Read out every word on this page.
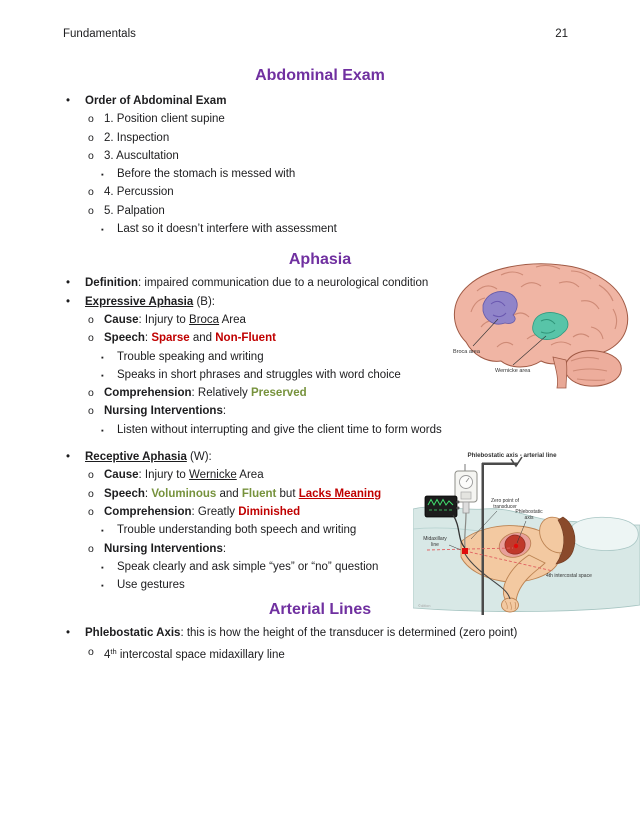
Fundamentals	21
Abdominal Exam
• Order of Abdominal Exam
o 1. Position client supine
o 2. Inspection
o 3. Auscultation
▪ Before the stomach is messed with
o 4. Percussion
o 5. Palpation
▪ Last so it doesn’t interfere with assessment
Aphasia
• Definition: impaired communication due to a neurological condition
• Expressive Aphasia (B):
o Cause: Injury to Broca Area
o Speech: Sparse and Non-Fluent
▪ Trouble speaking and writing
▪ Speaks in short phrases and struggles with word choice
o Comprehension: Relatively Preserved
o Nursing Interventions:
▪ Listen without interrupting and give the client time to form words
• Receptive Aphasia (W):
o Cause: Injury to Wernicke Area
o Speech: Voluminous and Fluent but Lacks Meaning
o Comprehension: Greatly Diminished
▪ Trouble understanding both speech and writing
o Nursing Interventions:
▪ Speak clearly and ask simple “yes” or “no” question
▪ Use gestures
Arterial Lines
• Phlebostatic Axis: this is how the height of the transducer is determined (zero point)
o 4th intercostal space midaxillary line
Broca area
Wernicke area
Phlebostatic axis - arterial line
Zero point of
transducer
Phlebostatic
axis
Midaxillary
line
4th intercostal space
©dition
